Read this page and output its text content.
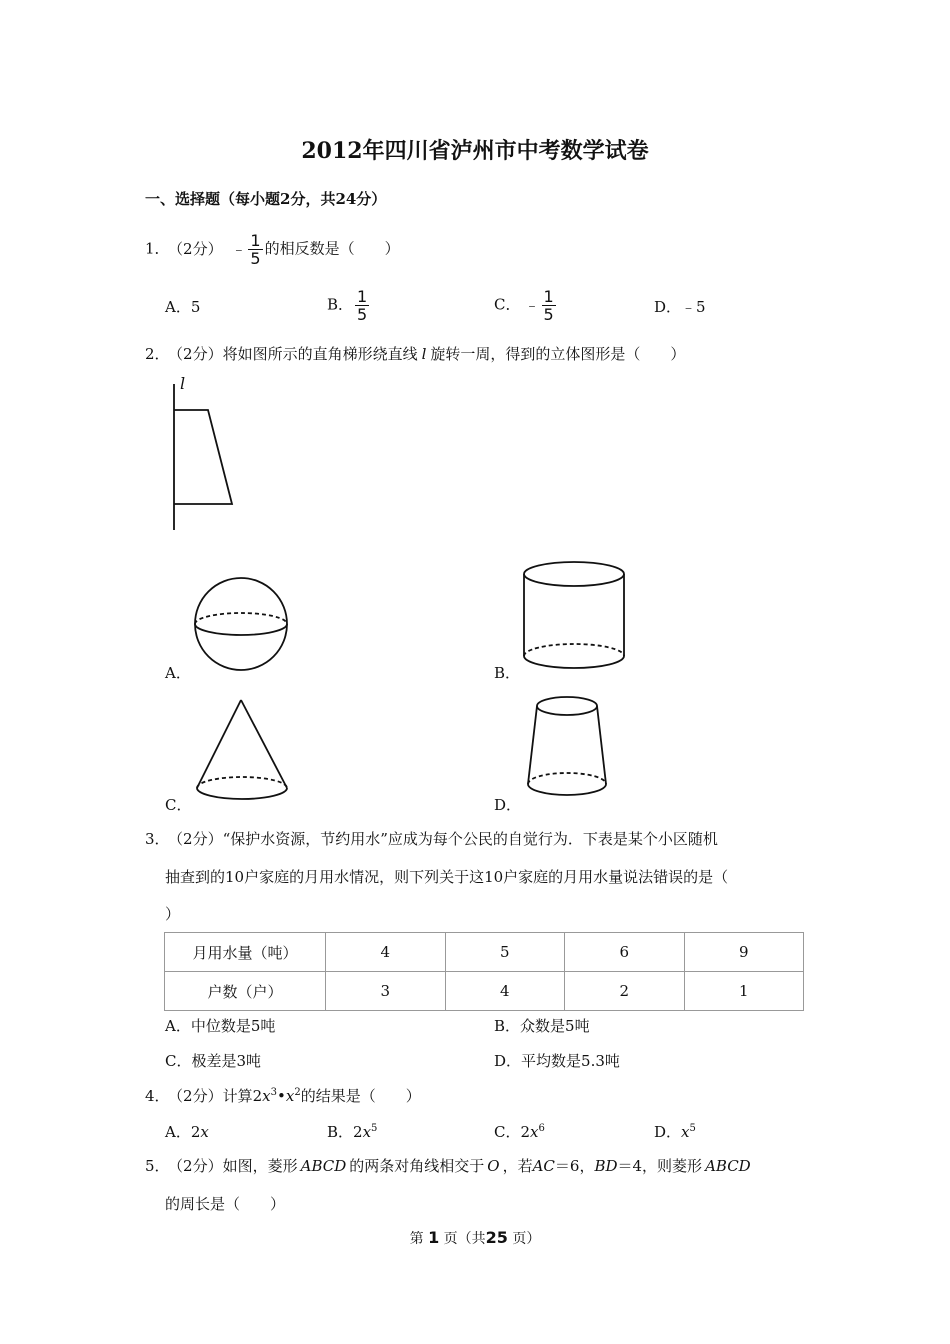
2012年四川省泸州市中考数学试卷
一、选择题（每小题2分，共24分）
1． （2分） ﹣ $\frac{1}{5}$ 的相反数是（　　）
A．5	B． $\frac{1}{5}$	C． ﹣ $\frac{1}{5}$	D．﹣5
2． （2分）将如图所示的直角梯形绕直线 l 旋转一周，得到的立体图形是（　　）
l
A．	B．
C．	D．
3． （2分）“保护水资源，节约用水”应成为每个公民的自觉行为．下表是某个小区随机
抽查到的10户家庭的月用水情况，则下列关于这10户家庭的月用水量说法错误的是（
）
月用水量（吨）	4	5	6	9
户数（户）	3	4	2	1
A．中位数是5吨	B．众数是5吨
C．极差是3吨	D．平均数是5.3吨
4． （2分）计算$2x^3•x^2$的结果是（　　）
A．2x	B．$2x^5$	C．$2x^6$	D．$x^5$
5． （2分）如图，菱形 ABCD 的两条对角线相交于 O ，若AC＝6，BD＝4，则菱形 ABCD
的周长是（　　）
第 1 页（共25 页）
